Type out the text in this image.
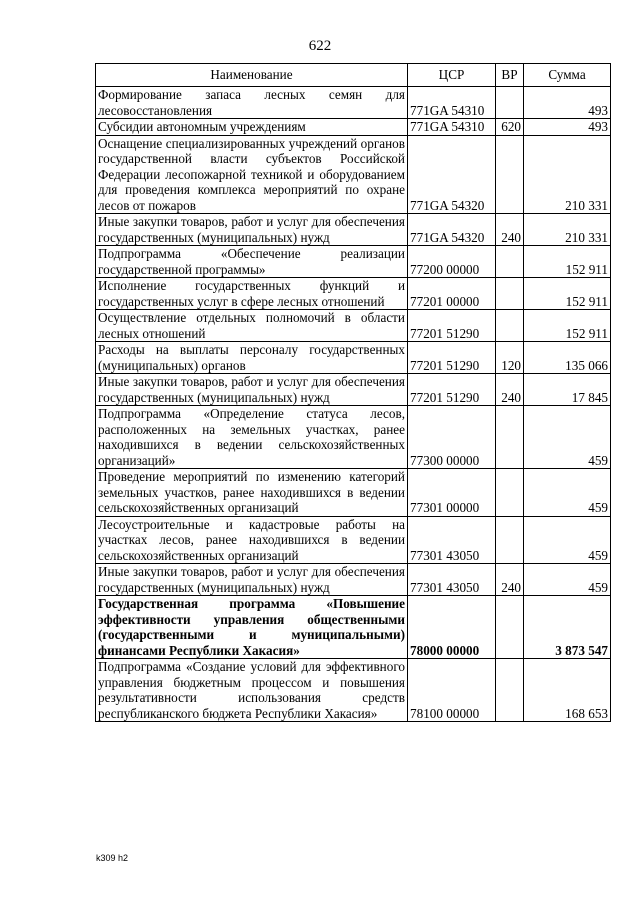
622
Наименование	ЦСР	ВР	Сумма
Формирование запаса лесных семян для лесовосстановления	771GA 54310		493
Субсидии автономным учреждениям	771GA 54310	620	493
Оснащение специализированных учреждений органов государственной власти субъектов Российской Федерации лесопожарной техникой и оборудованием для проведения комплекса мероприятий по охране лесов от пожаров	771GA 54320		210 331
Иные закупки товаров, работ и услуг для обеспечения государственных (муниципальных) нужд	771GA 54320	240	210 331
Подпрограмма «Обеспечение реализации государственной программы»	77200 00000		152 911
Исполнение государственных функций и государственных услуг в сфере лесных отношений	77201 00000		152 911
Осуществление отдельных полномочий в области лесных отношений	77201 51290		152 911
Расходы на выплаты персоналу государственных (муниципальных) органов	77201 51290	120	135 066
Иные закупки товаров, работ и услуг для обеспечения государственных (муниципальных) нужд	77201 51290	240	17 845
Подпрограмма «Определение статуса лесов, расположенных на земельных участках, ранее находившихся в ведении сельскохозяйственных организаций»	77300 00000		459
Проведение мероприятий по изменению категорий земельных участков, ранее находившихся в ведении сельскохозяйственных организаций	77301 00000		459
Лесоустроительные и кадастровые работы на участках лесов, ранее находившихся в ведении сельскохозяйственных организаций	77301 43050		459
Иные закупки товаров, работ и услуг для обеспечения государственных (муниципальных) нужд	77301 43050	240	459
Государственная программа «Повышение эффективности управления общественными (государственными и муниципальными) финансами Республики Хакасия»	78000 00000		3 873 547
Подпрограмма «Создание условий для эффективного управления бюджетным процессом и повышения результативности использования средств республиканского бюджета Республики Хакасия»	78100 00000		168 653
k309 h2
